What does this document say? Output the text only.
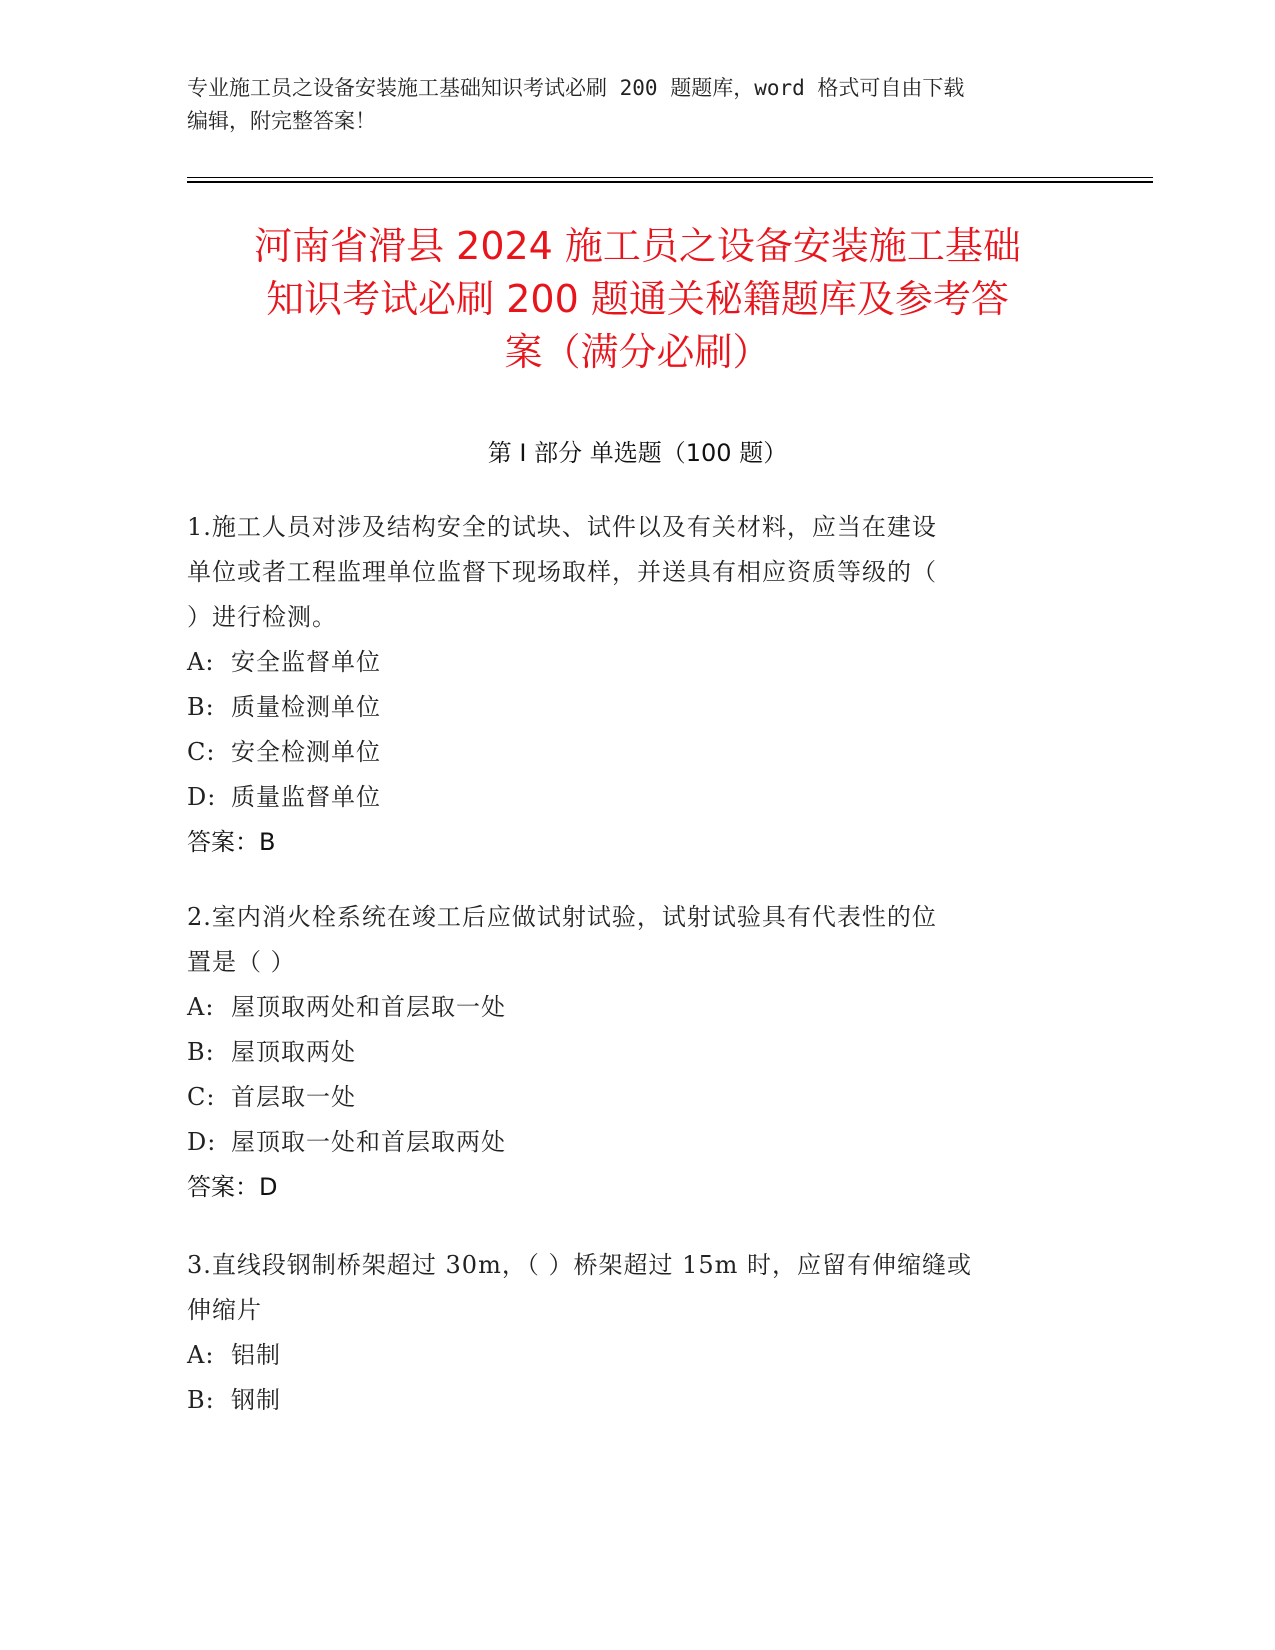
专业施工员之设备安装施工基础知识考试必刷 200 题题库，word 格式可自由下载
编辑，附完整答案！
河南省滑县 2024 施工员之设备安装施工基础
知识考试必刷 200 题通关秘籍题库及参考答
案（满分必刷）
第 I 部分 单选题（100 题）

1.施工人员对涉及结构安全的试块、试件以及有关材料，应当在建设

单位或者工程监理单位监督下现场取样，并送具有相应资质等级的（

）进行检测。

A: 安全监督单位

B: 质量检测单位

C: 安全检测单位

D: 质量监督单位

答案：B

2.室内消火栓系统在竣工后应做试射试验，试射试验具有代表性的位

置是（ ）

A: 屋顶取两处和首层取一处

B: 屋顶取两处

C: 首层取一处

D: 屋顶取一处和首层取两处

答案：D

3.直线段钢制桥架超过 30m，（ ）桥架超过 15m 时，应留有伸缩缝或

伸缩片

A: 铝制

B: 钢制
